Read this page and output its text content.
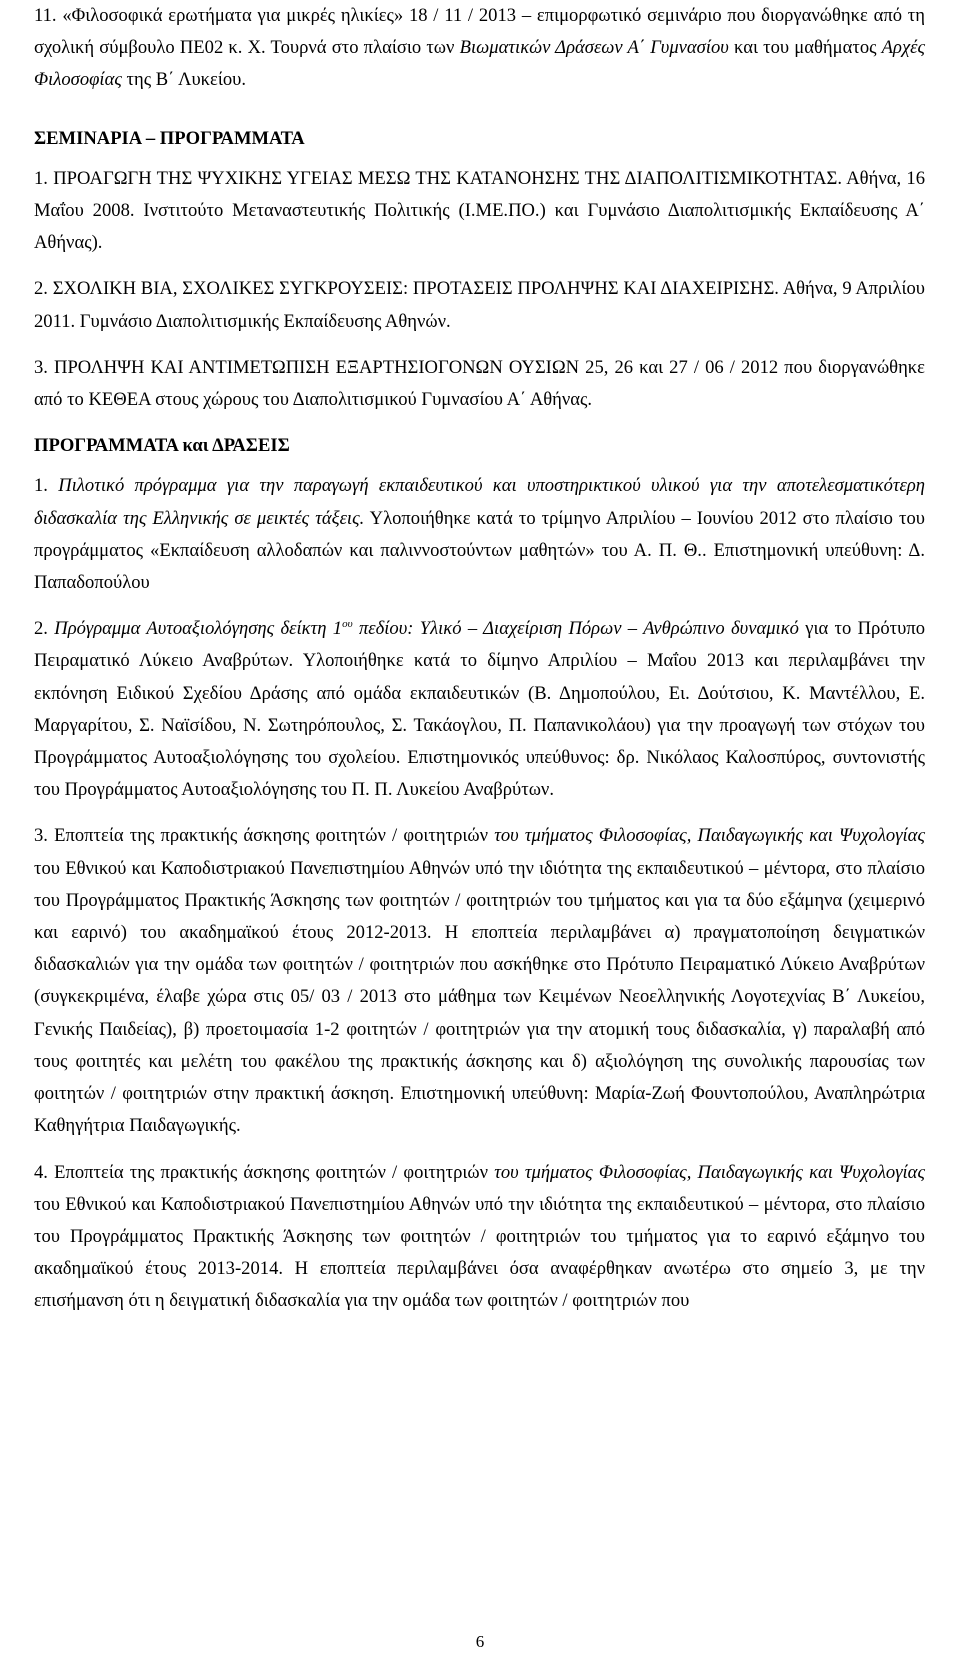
11. «Φιλοσοφικά ερωτήματα για μικρές ηλικίες» 18 / 11 / 2013 – επιμορφωτικό σεμινάριο που διοργανώθηκε από τη σχολική σύμβουλο ΠΕ02 κ. Χ. Τουρνά στο πλαίσιο των Βιωματικών Δράσεων Α΄ Γυμνασίου και του μαθήματος Αρχές Φιλοσοφίας της Β΄ Λυκείου.

ΣΕΜΙΝΑΡΙΑ – ΠΡΟΓΡΑΜΜΑΤΑ

1. ΠΡΟΑΓΩΓΗ ΤΗΣ ΨΥΧΙΚΗΣ ΥΓΕΙΑΣ ΜΕΣΩ ΤΗΣ ΚΑΤΑΝΟΗΣΗΣ ΤΗΣ ΔΙΑΠΟΛΙΤΙΣΜΙΚΟΤΗΤΑΣ. Αθήνα, 16 Μαΐου 2008. Ινστιτούτο Μεταναστευτικής Πολιτικής (Ι.ΜΕ.ΠΟ.) και Γυμνάσιο Διαπολιτισμικής Εκπαίδευσης Α΄ Αθήνας).

2. ΣΧΟΛΙΚΗ ΒΙΑ, ΣΧΟΛΙΚΕΣ ΣΥΓΚΡΟΥΣΕΙΣ: ΠΡΟΤΑΣΕΙΣ ΠΡΟΛΗΨΗΣ ΚΑΙ ΔΙΑΧΕΙΡΙΣΗΣ. Αθήνα, 9 Απριλίου 2011. Γυμνάσιο Διαπολιτισμικής Εκπαίδευσης Αθηνών.

3. ΠΡΟΛΗΨΗ ΚΑΙ ΑΝΤΙΜΕΤΩΠΙΣΗ ΕΞΑΡΤΗΣΙΟΓΟΝΩΝ ΟΥΣΙΩΝ 25, 26 και 27 / 06 / 2012 που διοργανώθηκε από το ΚΕΘΕΑ στους χώρους του Διαπολιτισμικού Γυμνασίου Α΄ Αθήνας.

ΠΡΟΓΡΑΜΜΑΤΑ και ΔΡΑΣΕΙΣ

1. Πιλοτικό πρόγραμμα για την παραγωγή εκπαιδευτικού και υποστηρικτικού υλικού για την αποτελεσματικότερη διδασκαλία της Ελληνικής σε μεικτές τάξεις. Υλοποιήθηκε κατά το τρίμηνο Απριλίου – Ιουνίου 2012 στο πλαίσιο του προγράμματος «Εκπαίδευση αλλοδαπών και παλιννοστούντων μαθητών» του Α. Π. Θ.. Επιστημονική υπεύθυνη: Δ. Παπαδοπούλου

2. Πρόγραμμα Αυτοαξιολόγησης δείκτη $1^{o\upsilon}$ πεδίου: Υλικό – Διαχείριση Πόρων – Ανθρώπινο δυναμικό για το Πρότυπο Πειραματικό Λύκειο Αναβρύτων. Υλοποιήθηκε κατά το δίμηνο Απριλίου – Μαΐου 2013 και περιλαμβάνει την εκπόνηση Ειδικού Σχεδίου Δράσης από ομάδα εκπαιδευτικών (Β. Δημοπούλου, Ει. Δούτσιου, Κ. Μαντέλλου, Ε. Μαργαρίτου, Σ. Ναϊσίδου, Ν. Σωτηρόπουλος, Σ. Τακάογλου, Π. Παπανικολάου) για την προαγωγή των στόχων του Προγράμματος Αυτοαξιολόγησης του σχολείου. Επιστημονικός υπεύθυνος: δρ. Νικόλαος Καλοσπύρος, συντονιστής του Προγράμματος Αυτοαξιολόγησης του Π. Π. Λυκείου Αναβρύτων.

3. Εποπτεία της πρακτικής άσκησης φοιτητών / φοιτητριών του τμήματος Φιλοσοφίας, Παιδαγωγικής και Ψυχολογίας του Εθνικού και Καποδιστριακού Πανεπιστημίου Αθηνών υπό την ιδιότητα της εκπαιδευτικού – μέντορα, στο πλαίσιο του Προγράμματος Πρακτικής Άσκησης των φοιτητών / φοιτητριών του τμήματος και για τα δύο εξάμηνα (χειμερινό και εαρινό) του ακαδημαϊκού έτους 2012-2013. Η εποπτεία περιλαμβάνει α) πραγματοποίηση δειγματικών διδασκαλιών για την ομάδα των φοιτητών / φοιτητριών που ασκήθηκε στο Πρότυπο Πειραματικό Λύκειο Αναβρύτων (συγκεκριμένα, έλαβε χώρα στις 05/ 03 / 2013 στο μάθημα των Κειμένων Νεοελληνικής Λογοτεχνίας Β΄ Λυκείου, Γενικής Παιδείας), β) προετοιμασία 1-2 φοιτητών / φοιτητριών για την ατομική τους διδασκαλία, γ) παραλαβή από τους φοιτητές και μελέτη του φακέλου της πρακτικής άσκησης και δ) αξιολόγηση της συνολικής παρουσίας των φοιτητών / φοιτητριών στην πρακτική άσκηση. Επιστημονική υπεύθυνη: Μαρία-Ζωή Φουντοπούλου, Αναπληρώτρια Καθηγήτρια Παιδαγωγικής.

4. Εποπτεία της πρακτικής άσκησης φοιτητών / φοιτητριών του τμήματος Φιλοσοφίας, Παιδαγωγικής και Ψυχολογίας του Εθνικού και Καποδιστριακού Πανεπιστημίου Αθηνών υπό την ιδιότητα της εκπαιδευτικού – μέντορα, στο πλαίσιο του Προγράμματος Πρακτικής Άσκησης των φοιτητών / φοιτητριών του τμήματος για το εαρινό εξάμηνο του ακαδημαϊκού έτους 2013-2014. Η εποπτεία περιλαμβάνει όσα αναφέρθηκαν ανωτέρω στο σημείο 3, με την επισήμανση ότι η δειγματική διδασκαλία για την ομάδα των φοιτητών / φοιτητριών που

6
